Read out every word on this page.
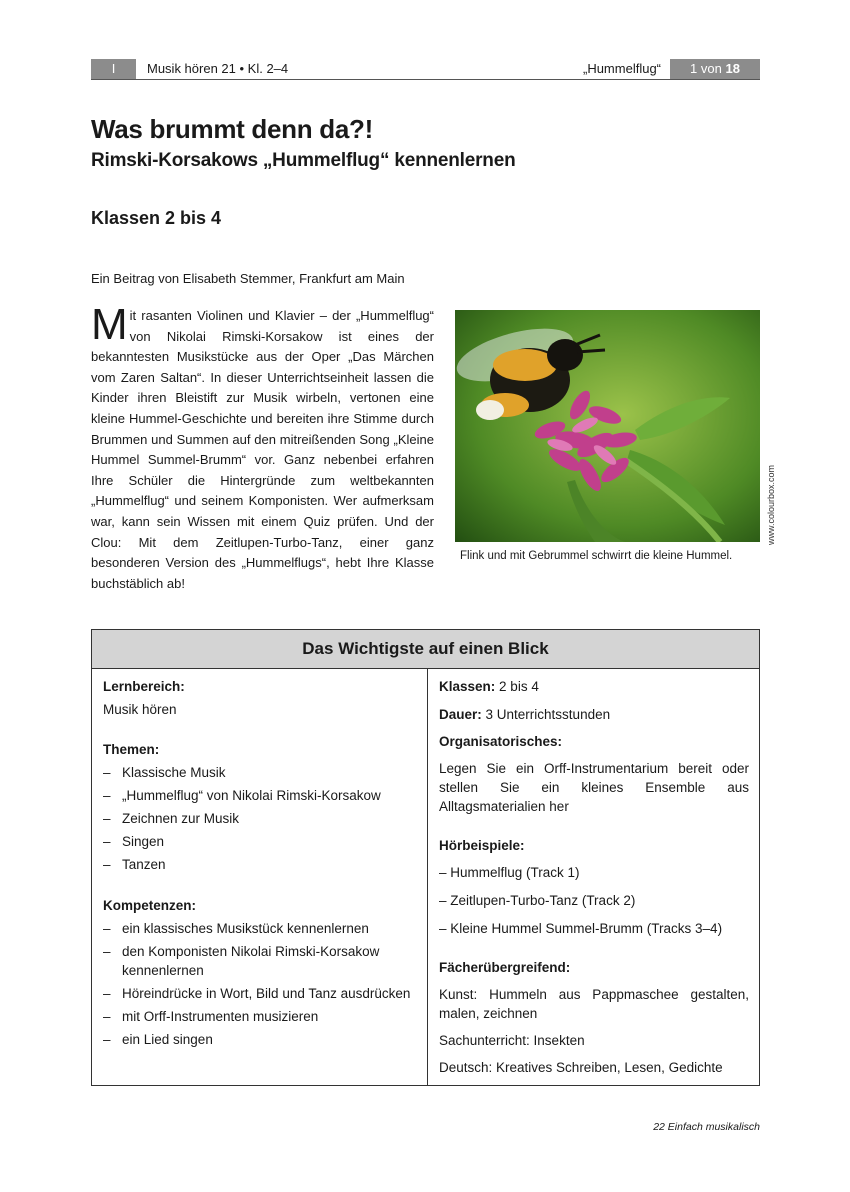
I	Musik hören 21 • Kl. 2–4	„Hummelflug“	1 von 18
Was brummt denn da?!
Rimski-Korsakows „Hummelflug“ kennenlernen
Klassen 2 bis 4
Ein Beitrag von Elisabeth Stemmer, Frankfurt am Main
Mit rasanten Violinen und Klavier – der „Hummelflug“ von Nikolai Rimski-Korsakow ist eines der bekanntesten Musikstücke aus der Oper „Das Märchen vom Zaren Saltan“. In dieser Unterrichtseinheit lassen die Kinder ihren Bleistift zur Musik wirbeln, vertonen eine kleine Hummel-Geschichte und bereiten ihre Stimme durch Brummen und Summen auf den mitreißenden Song „Kleine Hummel Summel-Brumm“ vor. Ganz nebenbei erfahren Ihre Schüler die Hintergründe zum weltbekannten „Hummelflug“ und seinem Komponisten. Wer aufmerksam war, kann sein Wissen mit einem Quiz prüfen. Und der Clou: Mit dem Zeitlupen-Turbo-Tanz, einer ganz besonderen Version des „Hummelflugs“, hebt Ihre Klasse buchstäblich ab!
Flink und mit Gebrummel schwirrt die kleine Hummel.
www.colourbox.com
Das Wichtigste auf einen Blick
Lernbereich:
Musik hören
Themen:
– Klassische Musik
– „Hummelflug“ von Nikolai Rimski-Korsakow
– Zeichnen zur Musik
– Singen
– Tanzen
Kompetenzen:
– ein klassisches Musikstück kennenlernen
– den Komponisten Nikolai Rimski-Korsakow kennenlernen
– Höreindrücke in Wort, Bild und Tanz ausdrücken
– mit Orff-Instrumenten musizieren
– ein Lied singen
Klassen: 2 bis 4
Dauer: 3 Unterrichtsstunden
Organisatorisches:
Legen Sie ein Orff-Instrumentarium bereit oder stellen Sie ein kleines Ensemble aus Alltagsmaterialien her
Hörbeispiele:
– Hummelflug (Track 1)
– Zeitlupen-Turbo-Tanz (Track 2)
– Kleine Hummel Summel-Brumm (Tracks 3–4)
Fächerübergreifend:
Kunst: Hummeln aus Pappmaschee gestalten, malen, zeichnen
Sachunterricht: Insekten
Deutsch: Kreatives Schreiben, Lesen, Gedichte
22 Einfach musikalisch
